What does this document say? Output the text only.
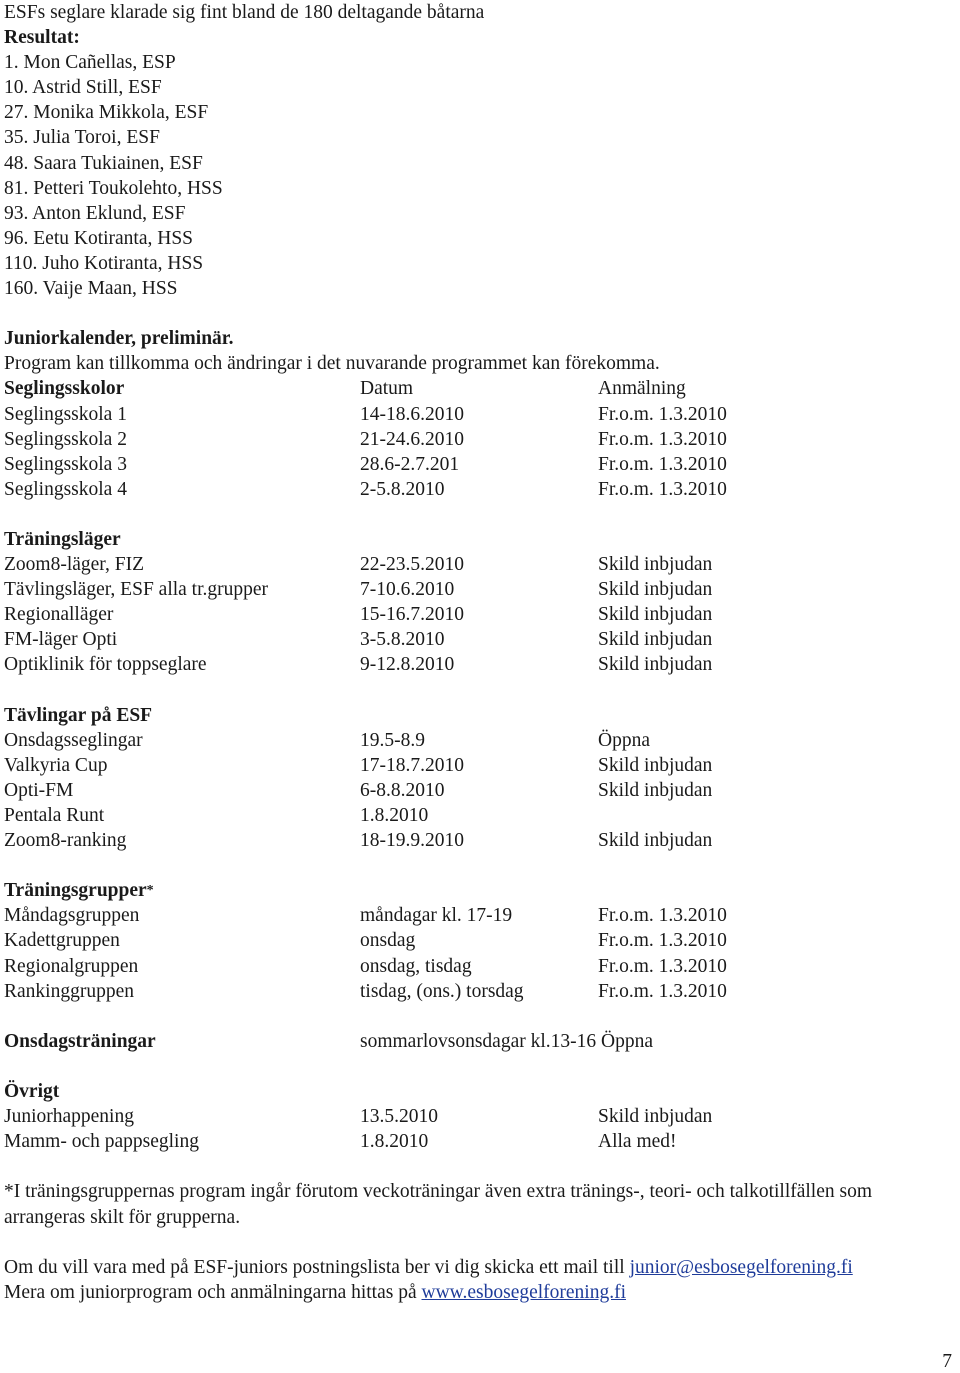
ESFs seglare klarade sig fint bland de 180 deltagande båtarna
Resultat:
1. Mon Cañellas, ESP
10. Astrid Still, ESF
27. Monika Mikkola, ESF
35. Julia Toroi, ESF
48. Saara Tukiainen, ESF
81. Petteri Toukolehto, HSS
93. Anton Eklund, ESF
96. Eetu Kotiranta, HSS
110. Juho Kotiranta, HSS
160. Vaije Maan, HSS
Juniorkalender, preliminär.
Program kan tillkomma och ändringar i det nuvarande programmet kan förekomma.
Seglingsskolor	Datum	Anmälning
Seglingsskola 1	14-18.6.2010	Fr.o.m. 1.3.2010
Seglingsskola 2	21-24.6.2010	Fr.o.m. 1.3.2010
Seglingsskola 3	28.6-2.7.201	Fr.o.m. 1.3.2010
Seglingsskola 4	2-5.8.2010	Fr.o.m. 1.3.2010
Träningsläger
Zoom8-läger, FIZ	22-23.5.2010	Skild inbjudan
Tävlingsläger, ESF alla tr.grupper	7-10.6.2010	Skild inbjudan
Regionalläger	15-16.7.2010	Skild inbjudan
FM-läger Opti	3-5.8.2010	Skild inbjudan
Optiklinik för toppseglare	9-12.8.2010	Skild inbjudan
Tävlingar på ESF
Onsdagsseglingar	19.5-8.9	Öppna
Valkyria Cup	17-18.7.2010	Skild inbjudan
Opti-FM	6-8.8.2010	Skild inbjudan
Pentala Runt	1.8.2010
Zoom8-ranking	18-19.9.2010	Skild inbjudan
Träningsgrupper*
Måndagsgruppen	måndagar kl. 17-19	Fr.o.m. 1.3.2010
Kadettgruppen	onsdag	Fr.o.m. 1.3.2010
Regionalgruppen	onsdag, tisdag	Fr.o.m. 1.3.2010
Rankinggruppen	tisdag, (ons.) torsdag	Fr.o.m. 1.3.2010
Onsdagsträningar	sommarlovsonsdagar kl.13-16 Öppna
Övrigt
Juniorhappening	13.5.2010	Skild inbjudan
Mamm- och pappsegling	1.8.2010	Alla med!
*I träningsgruppernas program ingår förutom veckoträningar även extra tränings-, teori- och talkotillfällen som arrangeras skilt för grupperna.
Om du vill vara med på ESF-juniors postningslista ber vi dig skicka ett mail till junior@esbosegelforening.fi
Mera om juniorprogram och anmälningarna hittas på www.esbosegelforening.fi
7
